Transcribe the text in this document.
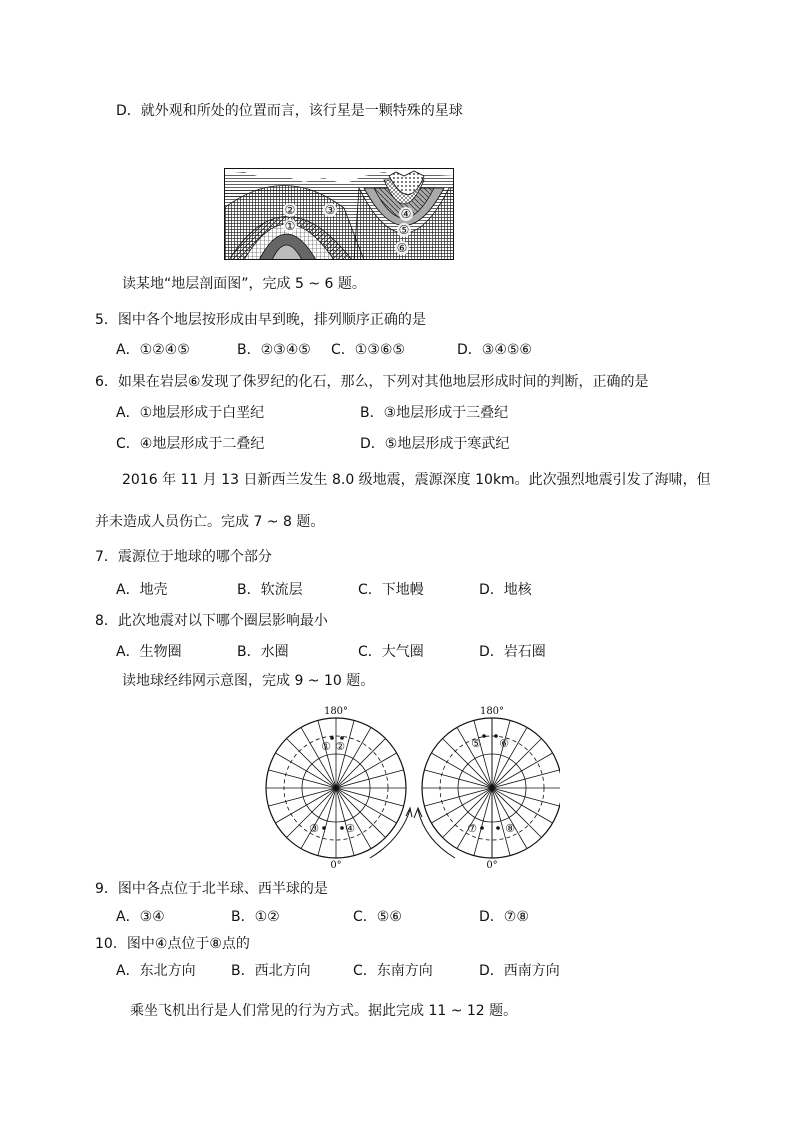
D．就外观和所处的位置而言，该行星是一颗特殊的星球
②
①
③	④
⑤
⑥
读某地“地层剖面图”，完成 5 ~ 6 题。
5．图中各个地层按形成由早到晚，排列顺序正确的是
A．①②④⑤	B．②③④⑤ C．①③⑥⑤	D．③④⑤⑥
6．如果在岩层⑥发现了侏罗纪的化石，那么，下列对其他地层形成时间的判断，正确的是
A．①地层形成于白垩纪	B．③地层形成于三叠纪
C．④地层形成于二叠纪	D．⑤地层形成于寒武纪
2016 年 11 月 13 日新西兰发生 8.0 级地震，震源深度 10km。此次强烈地震引发了海啸，但
并未造成人员伤亡。完成 7 ~ 8 题。
7．震源位于地球的哪个部分
A．地壳	B．软流层	C．下地幔	D．地核
8．此次地震对以下哪个圈层影响最小
A．生物圈	B．水圈	C．大气圈	D．岩石圈
读地球经纬网示意图，完成 9 ~ 10 题。
180°
0°
180°
0°
① ②
③ ④
⑤ ⑥
⑦	⑧
9．图中各点位于北半球、西半球的是
A．③④	B．①②	C．⑤⑥	D．⑦⑧
10．图中④点位于⑧点的
A．东北方向	B．西北方向	C．东南方向	D．西南方向
乘坐飞机出行是人们常见的行为方式。据此完成 11 ~ 12 题。
